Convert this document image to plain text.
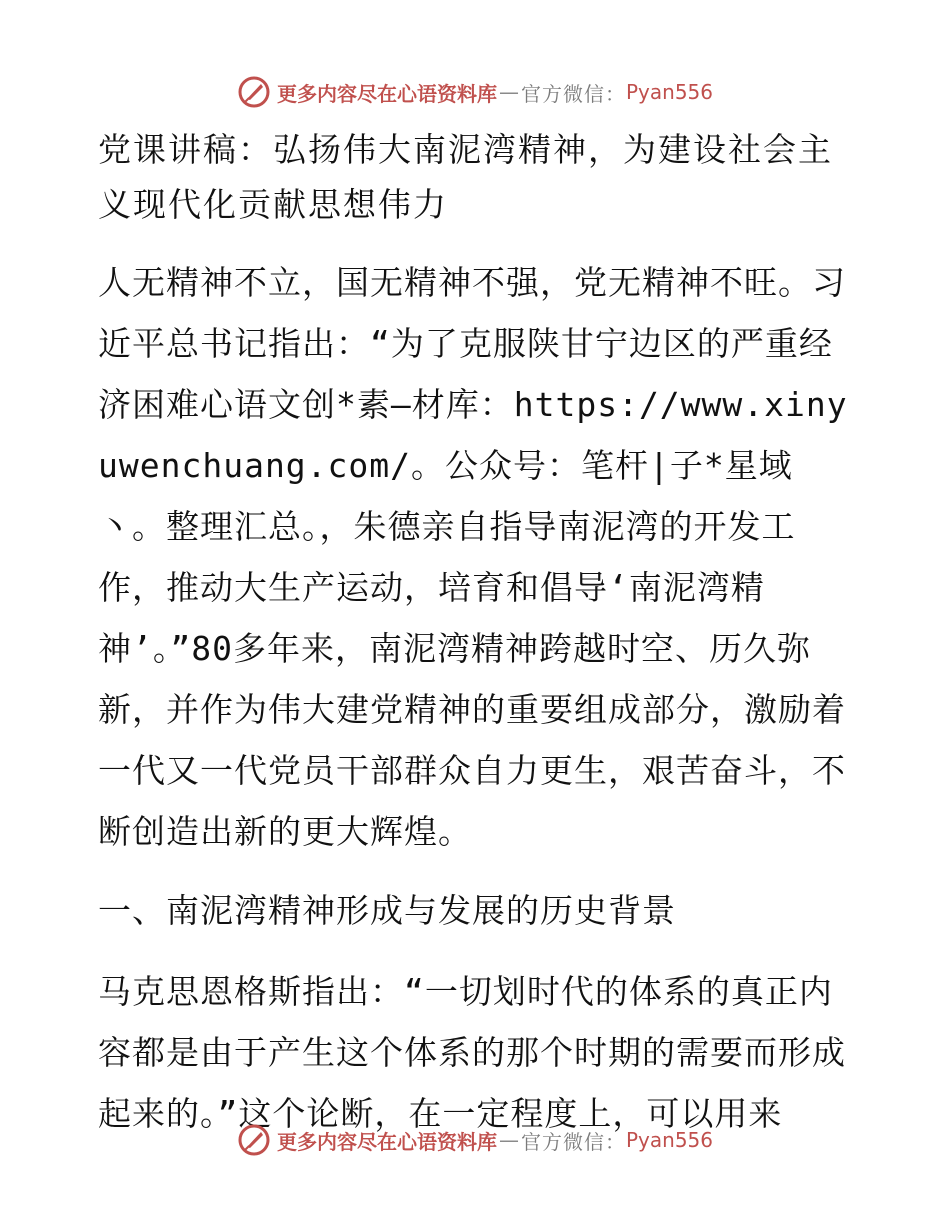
更多内容尽在心语资料库 — 官方微信： Pyan556
党课讲稿：弘扬伟大南泥湾精神，为建设社会主义现代化贡献思想伟力

人无精神不立，国无精神不强，党无精神不旺。习近平总书记指出：“为了克服陕甘宁边区的严重经济困难心语文创*素—材库：https://www.xinyuwenchuang.com/。公众号：笔杆|子*星域丶。整理汇总。，朱德亲自指导南泥湾的开发工作，推动大生产运动，培育和倡导‘南泥湾精神’。”80多年来，南泥湾精神跨越时空、历久弥新，并作为伟大建党精神的重要组成部分，激励着一代又一代党员干部群众自力更生，艰苦奋斗，不断创造出新的更大辉煌。

一、南泥湾精神形成与发展的历史背景

马克思恩格斯指出：“一切划时代的体系的真正内容都是由于产生这个体系的那个时期的需要而形成起来的。”这个论断，在一定程度上，可以用来

更多内容尽在心语资料库 — 官方微信： Pyan556
